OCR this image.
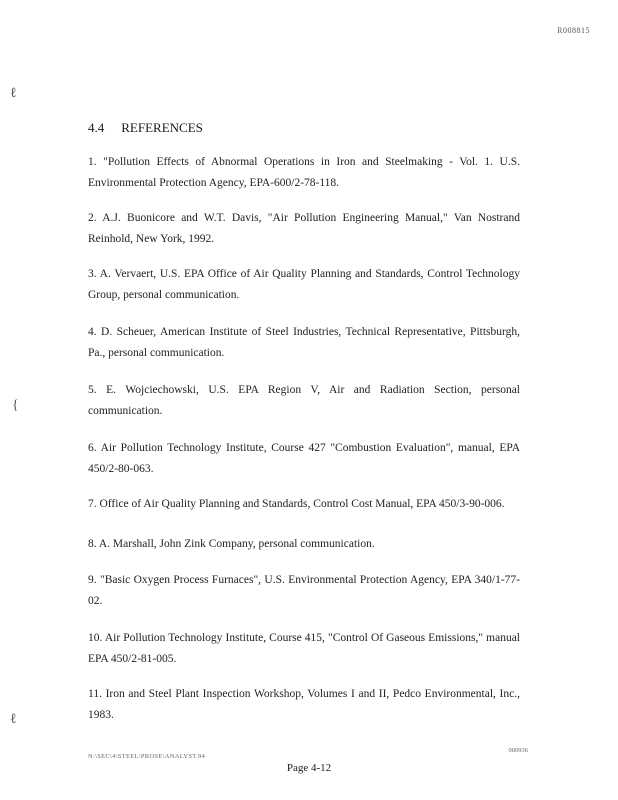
R008815
ℓ
{
ℓ
4.4 REFERENCES
1. "Pollution Effects of Abnormal Operations in Iron and Steelmaking - Vol. 1. U.S. Environmental Protection Agency, EPA-600/2-78-118.
2. A.J. Buonicore and W.T. Davis, "Air Pollution Engineering Manual," Van Nostrand Reinhold, New York, 1992.
3. A. Vervaert, U.S. EPA Office of Air Quality Planning and Standards, Control Technology Group, personal communication.
4. D. Scheuer, American Institute of Steel Industries, Technical Representative, Pittsburgh, Pa., personal communication.
5. E. Wojciechowski, U.S. EPA Region V, Air and Radiation Section, personal communication.
6. Air Pollution Technology Institute, Course 427 "Combustion Evaluation", manual, EPA 450/2-80-063.
7. Office of Air Quality Planning and Standards, Control Cost Manual, EPA 450/3-90-006.
8. A. Marshall, John Zink Company, personal communication.
9. "Basic Oxygen Process Furnaces", U.S. Environmental Protection Agency, EPA 340/1-77-02.
10. Air Pollution Technology Institute, Course 415, "Control Of Gaseous Emissions," manual EPA 450/2-81-005.
11. Iron and Steel Plant Inspection Workshop, Volumes I and II, Pedco Environmental, Inc., 1983.
N:\SEC\4\STEEL\PROSE\ANALYST.94
000936
Page 4-12
